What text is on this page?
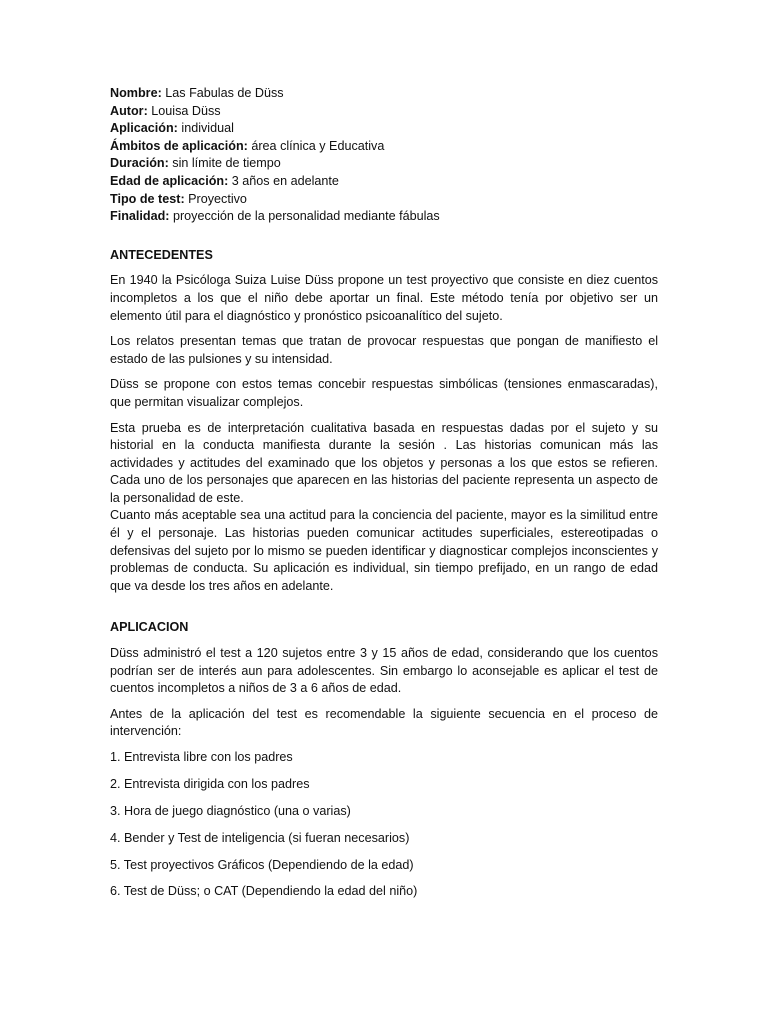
Nombre: Las Fabulas de Düss

Autor: Louisa Düss

Aplicación: individual

Ámbitos de aplicación: área clínica y Educativa

Duración: sin límite de tiempo

Edad de aplicación: 3 años en adelante

Tipo de test: Proyectivo

Finalidad: proyección de la personalidad mediante fábulas

ANTECEDENTES

En 1940 la Psicóloga Suiza Luise Düss propone un test proyectivo que consiste en diez cuentos incompletos a los que el niño debe aportar un final. Este método tenía por objetivo ser un elemento útil para el diagnóstico y pronóstico psicoanalítico del sujeto.

Los relatos presentan temas que tratan de provocar respuestas que pongan de manifiesto el estado de las pulsiones y su intensidad.

Düss se propone con estos temas concebir respuestas simbólicas (tensiones enmascaradas), que permitan visualizar complejos.

Esta prueba es de interpretación cualitativa basada en respuestas dadas por el sujeto y su historial en la conducta manifiesta durante la sesión . Las historias comunican más las actividades y actitudes del examinado que los objetos y personas a los que estos se refieren. Cada uno de los personajes que aparecen en las historias del paciente representa un aspecto de la personalidad de este.

Cuanto más aceptable sea una actitud para la conciencia del paciente, mayor es la similitud entre él y el personaje. Las historias pueden comunicar actitudes superficiales, estereotipadas o defensivas del sujeto por lo mismo se pueden identificar y diagnosticar complejos inconscientes y problemas de conducta. Su aplicación es individual, sin tiempo prefijado, en un rango de edad que va desde los tres años en adelante.

APLICACION

Düss administró el test a 120 sujetos entre 3 y 15 años de edad, considerando que los cuentos podrían ser de interés aun para adolescentes. Sin embargo lo aconsejable es aplicar el test de cuentos incompletos a niños de 3 a 6 años de edad.

Antes de la aplicación del test es recomendable la siguiente secuencia en el proceso de intervención:

1. Entrevista libre con los padres
2. Entrevista dirigida con los padres
3. Hora de juego diagnóstico (una o varias)
4. Bender y Test de inteligencia (si fueran necesarios)
5. Test proyectivos Gráficos (Dependiendo de la edad)
6. Test de Düss; o CAT (Dependiendo la edad del niño)
